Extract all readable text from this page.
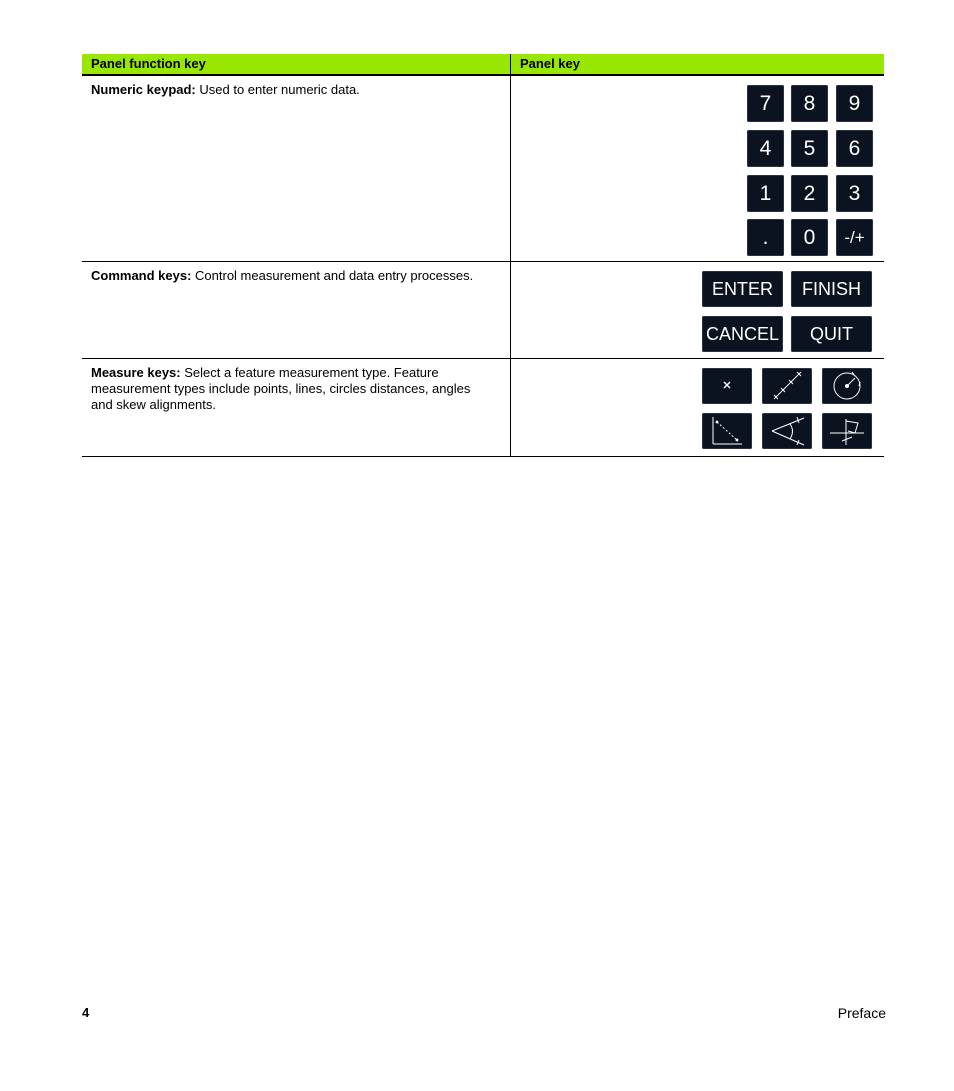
Panel function key	Panel key
Numeric keypad: Used to enter numeric data.
7	8	9
4	5	6
1	2	3
.	0	-/+
Command keys: Control measurement and data entry processes.
ENTER	FINISH
CANCEL	QUIT
Measure keys: Select a feature measurement type. Feature measurement types include points, lines, circles distances, angles and skew alignments.
4	Preface
